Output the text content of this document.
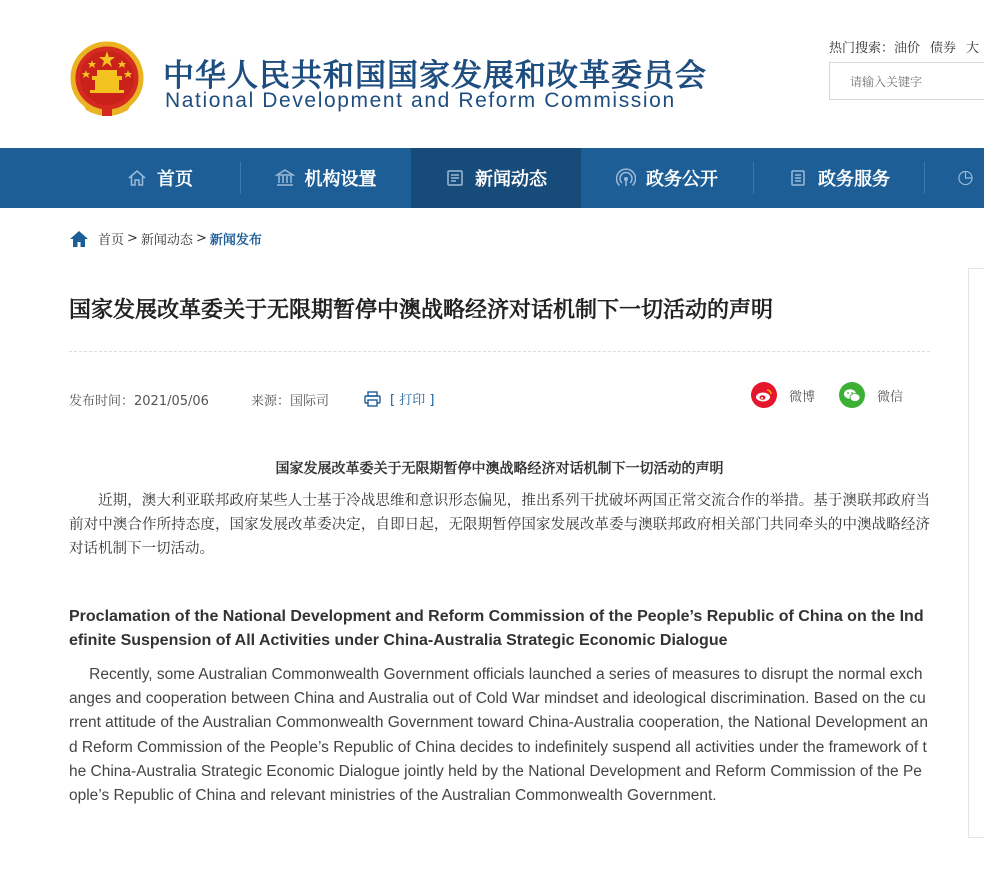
中华人民共和国国家发展和改革委员会
National Development and Reform Commission
热门搜索：油价 债券 大
请输入关键字
首页	机构设置	新闻动态	政务公开	政务服务
首页 > 新闻动态 > 新闻发布
国家发展改革委关于无限期暂停中澳战略经济对话机制下一切活动的声明
发布时间：2021/05/06	来源：国际司	[ 打印 ]	微博	微信
国家发展改革委关于无限期暂停中澳战略经济对话机制下一切活动的声明

近期，澳大利亚联邦政府某些人士基于冷战思维和意识形态偏见，推出系列干扰破坏两国正常交流合作的举措。基于澳联邦政府当前对中澳合作所持态度，国家发展改革委决定，自即日起，无限期暂停国家发展改革委与澳联邦政府相关部门共同牵头的中澳战略经济对话机制下一切活动。

Proclamation of the National Development and Reform Commission of the People’s Republic of China on the Indefinite Suspension of All Activities under China-Australia Strategic Economic Dialogue

Recently, some Australian Commonwealth Government officials launched a series of measures to disrupt the normal exchanges and cooperation between China and Australia out of Cold War mindset and ideological discrimination. Based on the current attitude of the Australian Commonwealth Government toward China-Australia cooperation, the National Development and Reform Commission of the People’s Republic of China decides to indefinitely suspend all activities under the framework of the China-Australia Strategic Economic Dialogue jointly held by the National Development and Reform Commission of the People’s Republic of China and relevant ministries of the Australian Commonwealth Government.
